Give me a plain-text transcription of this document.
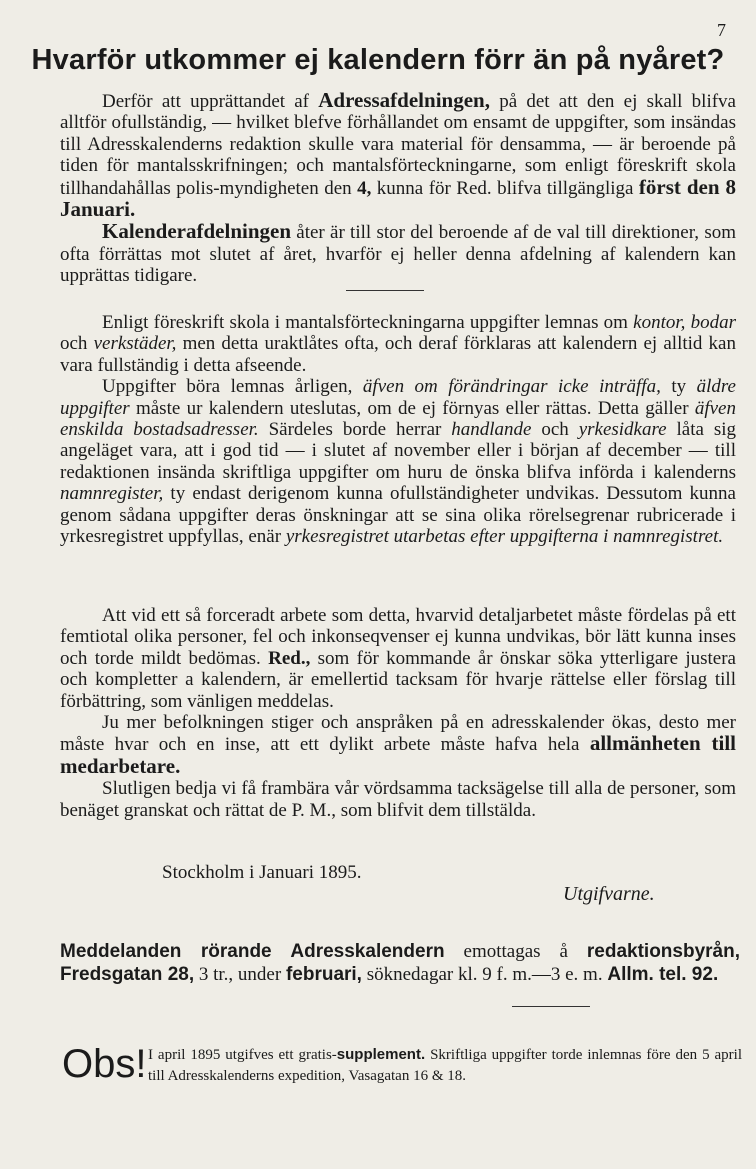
7
Hvarför utkommer ej kalendern förr än på nyåret?

Derför att upprättandet af Adressafdelningen, på det att den ej skall blifva alltför ofullständig, — hvilket blefve förhållandet om ensamt de uppgifter, som insändas till Adresskalenderns redaktion skulle vara material för densamma, — är beroende på tiden för mantalsskrifningen; och mantalsförteckningarne, som enligt föreskrift skola tillhandahållas polis-myndigheten den 4, kunna för Red. blifva tillgängliga först den 8 Januari.

Kalenderafdelningen åter är till stor del beroende af de val till direktioner, som ofta förrättas mot slutet af året, hvarför ej heller denna afdelning af kalendern kan upprättas tidigare.

Enligt föreskrift skola i mantalsförteckningarna uppgifter lemnas om kontor, bodar och verkstäder, men detta uraktlåtes ofta, och deraf förklaras att kalendern ej alltid kan vara fullständig i detta afseende.

Uppgifter böra lemnas årligen, äfven om förändringar icke inträffa, ty äldre uppgifter måste ur kalendern uteslutas, om de ej förnyas eller rättas. Detta gäller äfven enskilda bostadsadresser. Särdeles borde herrar handlande och yrkesidkare låta sig angeläget vara, att i god tid — i slutet af november eller i början af december — till redaktionen insända skriftliga uppgifter om huru de önska blifva införda i kalenderns namnregister, ty endast derigenom kunna ofullständigheter undvikas. Dessutom kunna genom sådana uppgifter deras önskningar att se sina olika rörelsegrenar rubricerade i yrkesregistret uppfyllas, enär yrkesregistret utarbetas efter uppgifterna i namnregistret.

Att vid ett så forceradt arbete som detta, hvarvid detaljarbetet måste fördelas på ett femtiotal olika personer, fel och inkonseqvenser ej kunna undvikas, bör lätt kunna inses och torde mildt bedömas. Red., som för kommande år önskar söka ytterligare justera och kompletter a kalendern, är emellertid tacksam för hvarje rättelse eller förslag till förbättring, som vänligen meddelas.

Ju mer befolkningen stiger och anspråken på en adresskalender ökas, desto mer måste hvar och en inse, att ett dylikt arbete måste hafva hela allmänheten till medarbetare.

Slutligen bedja vi få frambära vår vördsamma tacksägelse till alla de personer, som benäget granskat och rättat de P. M., som blifvit dem tillstälda.

Stockholm i Januari 1895.
Utgifvarne.
Meddelanden rörande Adresskalendern emottagas å redaktionsbyrån, Fredsgatan 28, 3 tr., under februari, söknedagar kl. 9 f. m.—3 e. m. Allm. tel. 92.
Obs! I april 1895 utgifves ett gratis-supplement. Skriftliga uppgifter torde inlemnas före den 5 april till Adresskalenderns expedition, Vasagatan 16 & 18.
